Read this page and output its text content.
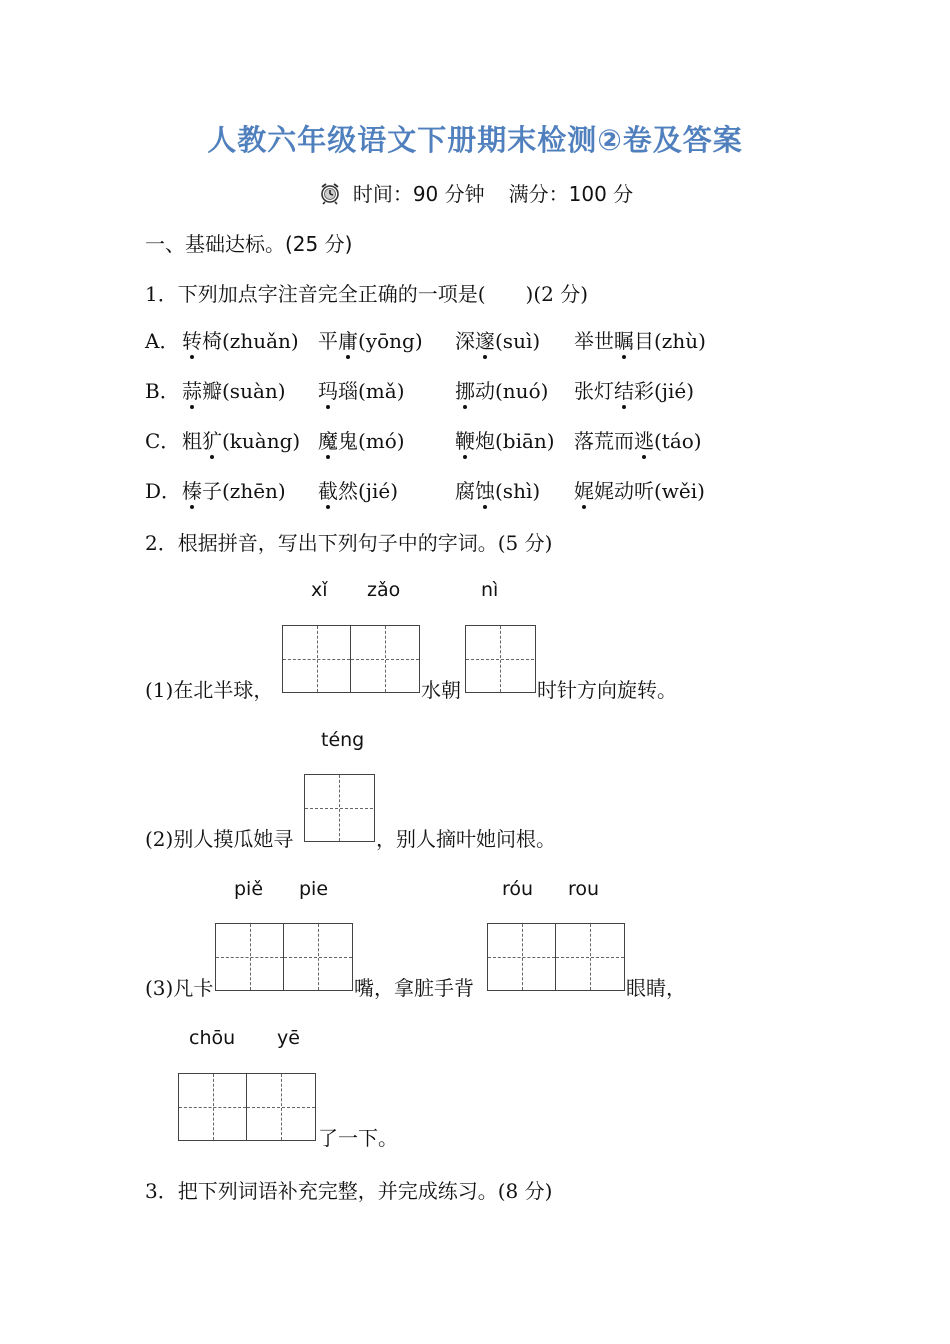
人教六年级语文下册期末检测②卷及答案
时间：90 分钟 满分：100 分
一、基础达标。(25 分)
1．下列加点字注音完全正确的一项是(　　)(2 分)
A． 转椅(zhuǎn) 平庸(yōng) 深邃(suì) 举世瞩目(zhù)
B． 蒜瓣(suàn) 玛瑙(mǎ)	挪动(nuó) 张灯结彩(jié)
C． 粗犷(kuàng) 魔鬼(mó)	鞭炮(biān) 落荒而逃(táo)
D． 榛子(zhēn) 截然(jié)	腐蚀(shì) 娓娓动听(wěi)
2．根据拼音，写出下列句子中的字词。(5 分)
xǐ zǎo	nì
(1)在北半球，	水朝	时针方向旋转。
téng
(2)别人摸瓜她寻	，别人摘叶她问根。
piě pie	róu rou
(3)凡卡	嘴，拿脏手背	眼睛，
chōu yē
了一下。
3．把下列词语补充完整，并完成练习。(8 分)
